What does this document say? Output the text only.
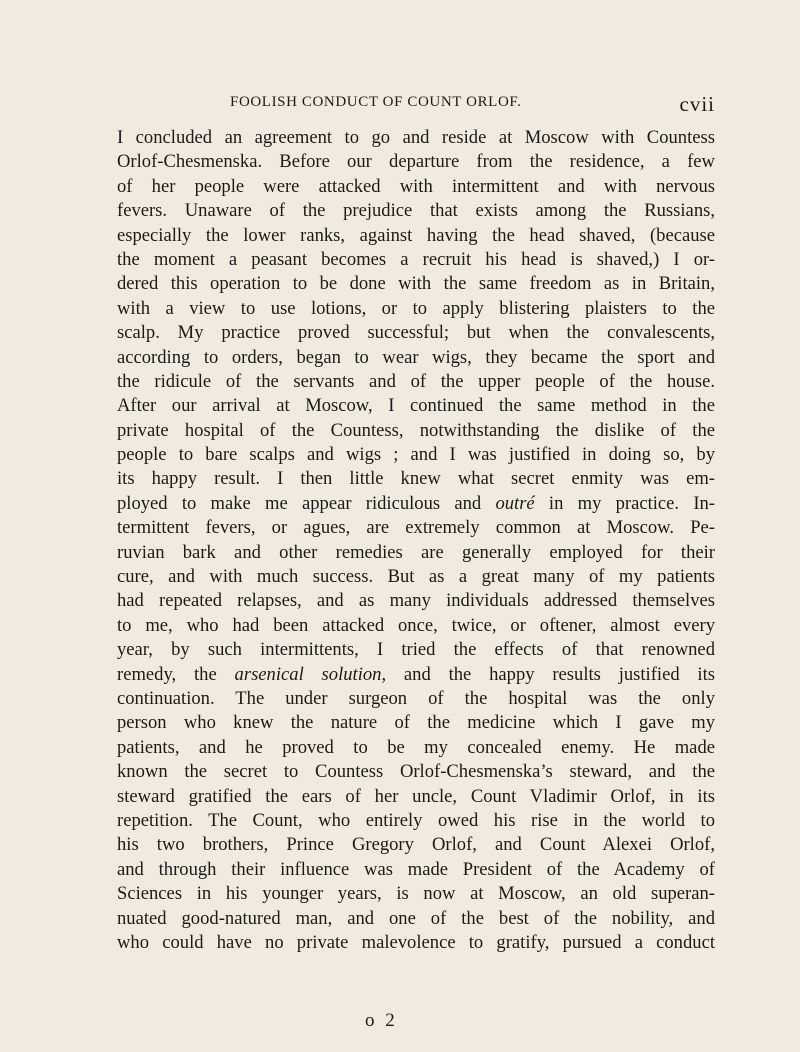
FOOLISH CONDUCT OF COUNT ORLOF.	cvii
I concluded an agreement to go and reside at Moscow with Countess
Orlof-Chesmenska. Before our departure from the residence, a few
of her people were attacked with intermittent and with nervous
fevers. Unaware of the prejudice that exists among the Russians,
especially the lower ranks, against having the head shaved, (because
the moment a peasant becomes a recruit his head is shaved,) I or-
dered this operation to be done with the same freedom as in Britain,
with a view to use lotions, or to apply blistering plaisters to the
scalp. My practice proved successful; but when the convalescents,
according to orders, began to wear wigs, they became the sport and
the ridicule of the servants and of the upper people of the house.
After our arrival at Moscow, I continued the same method in the
private hospital of the Countess, notwithstanding the dislike of the
people to bare scalps and wigs ; and I was justified in doing so, by
its happy result. I then little knew what secret enmity was em-
ployed to make me appear ridiculous and outré in my practice. In-
termittent fevers, or agues, are extremely common at Moscow. Pe-
ruvian bark and other remedies are generally employed for their
cure, and with much success. But as a great many of my patients
had repeated relapses, and as many individuals addressed themselves
to me, who had been attacked once, twice, or oftener, almost every
year, by such intermittents, I tried the effects of that renowned
remedy, the arsenical solution, and the happy results justified its
continuation. The under surgeon of the hospital was the only
person who knew the nature of the medicine which I gave my
patients, and he proved to be my concealed enemy. He made
known the secret to Countess Orlof-Chesmenska’s steward, and the
steward gratified the ears of her uncle, Count Vladimir Orlof, in its
repetition. The Count, who entirely owed his rise in the world to
his two brothers, Prince Gregory Orlof, and Count Alexei Orlof,
and through their influence was made President of the Academy of
Sciences in his younger years, is now at Moscow, an old superan-
nuated good-natured man, and one of the best of the nobility, and
who could have no private malevolence to gratify, pursued a conduct
o 2
